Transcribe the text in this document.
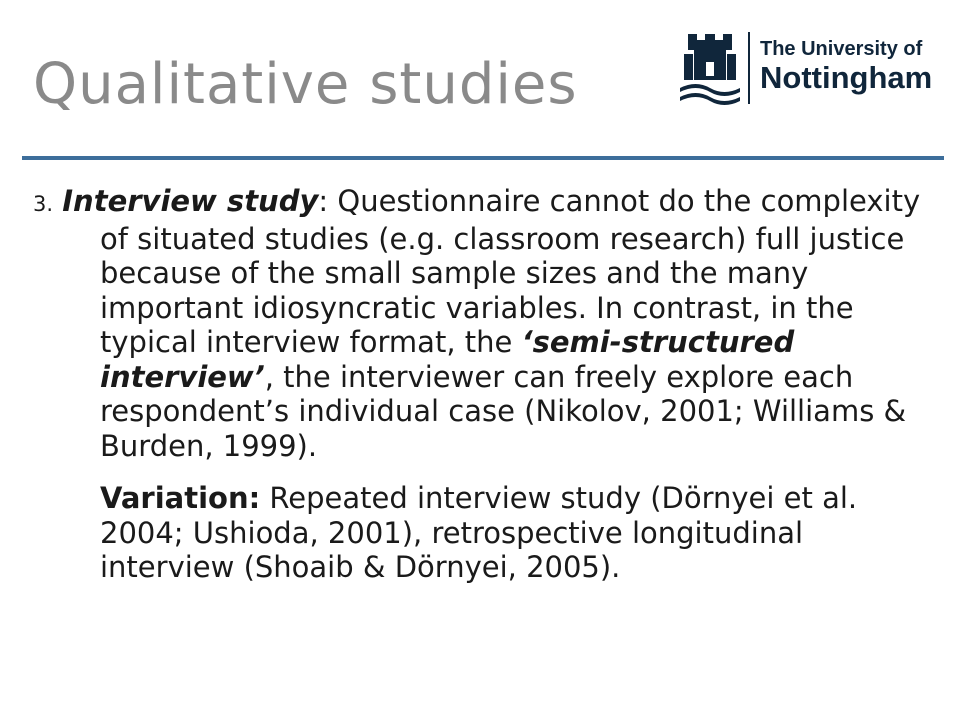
Qualitative studies
The University of
Nottingham

3. Interview study: Questionnaire cannot do the complexity of situated studies (e.g. classroom research) full justice because of the small sample sizes and the many important idiosyncratic variables. In contrast, in the typical interview format, the ‘semi-structured interview’, the interviewer can freely explore each respondent’s individual case (Nikolov, 2001; Williams & Burden, 1999).

Variation: Repeated interview study (Dörnyei et al. 2004; Ushioda, 2001), retrospective longitudinal interview (Shoaib & Dörnyei, 2005).
